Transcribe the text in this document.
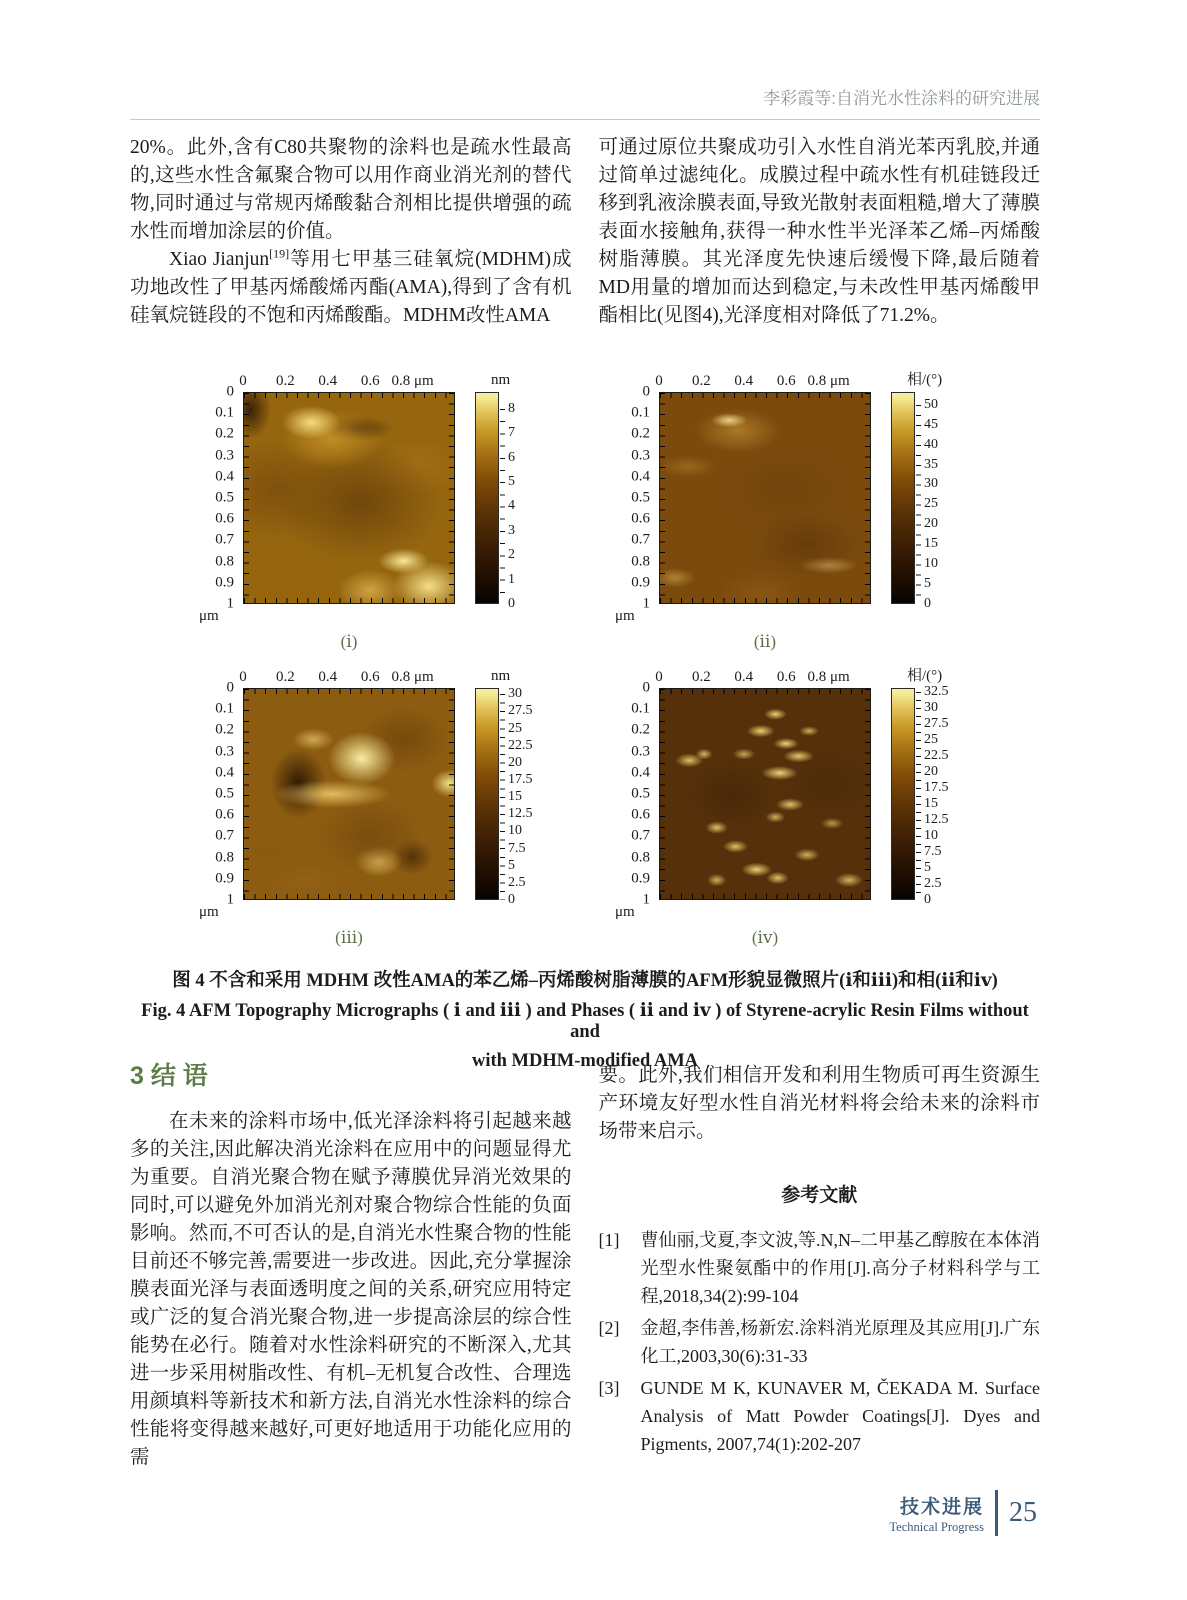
李彩霞等:自消光水性涂料的研究进展

20%。此外,含有C80共聚物的涂料也是疏水性最高的,这些水性含氟聚合物可以用作商业消光剂的替代物,同时通过与常规丙烯酸黏合剂相比提供增强的疏水性而增加涂层的价值。

Xiao Jianjun[19]等用七甲基三硅氧烷(MDHM)成功地改性了甲基丙烯酸烯丙酯(AMA),得到了含有机硅氧烷链段的不饱和丙烯酸酯。MDHM改性AMA

可通过原位共聚成功引入水性自消光苯丙乳胶,并通过简单过滤纯化。成膜过程中疏水性有机硅链段迁移到乳液涂膜表面,导致光散射表面粗糙,增大了薄膜表面水接触角,获得一种水性半光泽苯乙烯–丙烯酸树脂薄膜。其光泽度先快速后缓慢下降,最后随着MD用量的增加而达到稳定,与未改性甲基丙烯酸甲酯相比(见图4),光泽度相对降低了71.2%。

0 0.2 0.4 0.6 0.8 μm	nm
0
0.1
0.2
0.3
0.4
0.5
0.6
0.7
0.8
0.9
1
8
7
6
5
4
3
2
1
0
μm
(ⅰ)
0 0.2 0.4 0.6 0.8 μm	相/(°)
0
0.1
0.2
0.3
0.4
0.5
0.6
0.7
0.8
0.9
1
50
45
40
35
30
25
20
15
10
5
0
μm
(ⅱ)
0 0.2 0.4 0.6 0.8 μm	nm
0
0.1
0.2
0.3
0.4
0.5
0.6
0.7
0.8
0.9
1
30
27.5
25
22.5
20
17.5
15
12.5
10
7.5
5
2.5
0
μm
(ⅲ)
0 0.2 0.4 0.6 0.8 μm	相/(°)
0
0.1
0.2
0.3
0.4
0.5
0.6
0.7
0.8
0.9
1
32.5
30
27.5
25
22.5
20
17.5
15
12.5
10
7.5
5
2.5
0
μm
(ⅳ)

图 4 不含和采用 MDHM 改性AMA的苯乙烯–丙烯酸树脂薄膜的AFM形貌显微照片(ⅰ和ⅲ)和相(ⅱ和ⅳ)

Fig. 4 AFM Topography Micrographs ( ⅰ and ⅲ ) and Phases ( ⅱ and ⅳ ) of Styrene-acrylic Resin Films without and

with MDHM-modified AMA

3 结 语

在未来的涂料市场中,低光泽涂料将引起越来越多的关注,因此解决消光涂料在应用中的问题显得尤为重要。自消光聚合物在赋予薄膜优异消光效果的同时,可以避免外加消光剂对聚合物综合性能的负面影响。然而,不可否认的是,自消光水性聚合物的性能目前还不够完善,需要进一步改进。因此,充分掌握涂膜表面光泽与表面透明度之间的关系,研究应用特定或广泛的复合消光聚合物,进一步提高涂层的综合性能势在必行。随着对水性涂料研究的不断深入,尤其进一步采用树脂改性、有机–无机复合改性、合理选用颜填料等新技术和新方法,自消光水性涂料的综合性能将变得越来越好,可更好地适用于功能化应用的需

要。此外,我们相信开发和利用生物质可再生资源生产环境友好型水性自消光材料将会给未来的涂料市场带来启示。

参考文献
[1]	曹仙丽,戈夏,李文波,等.N,N–二甲基乙醇胺在本体消光型水性聚氨酯中的作用[J].高分子材料科学与工程,2018,34(2):99-104
[2]	金超,李伟善,杨新宏.涂料消光原理及其应用[J].广东化工,2003,30(6):31-33
[3]	GUNDE M K, KUNAVER M, ČEKADA M. Surface Analysis of Matt Powder Coatings[J]. Dyes and Pigments, 2007,74(1):202-207
技术进展
Technical Progress 25
